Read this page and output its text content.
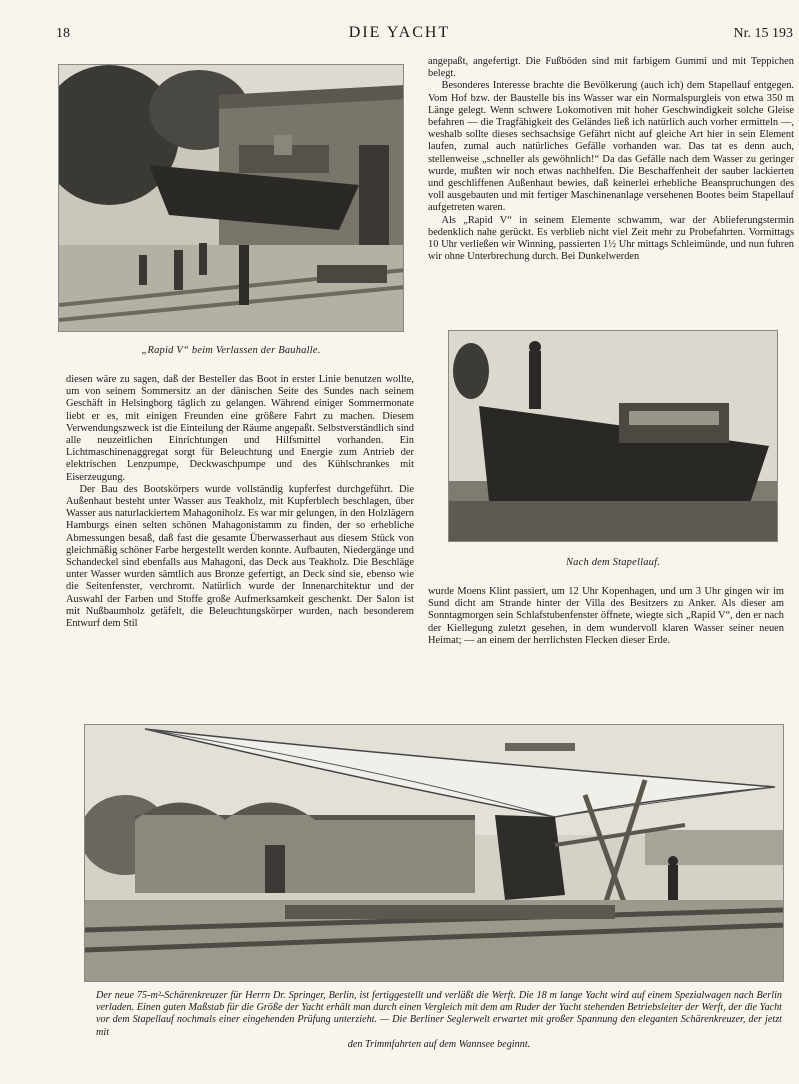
18	DIE YACHT	Nr. 15 193
„Rapid V“ beim Verlassen der Bauhalle.

angepaßt, angefertigt. Die Fußböden sind mit farbigem Gummi und mit Teppichen belegt.

Besonderes Interesse brachte die Bevölkerung (auch ich) dem Stapellauf entgegen. Vom Hof bzw. der Baustelle bis ins Wasser war ein Normalspurgleis von etwa 350 m Länge gelegt. Wenn schwere Lokomotiven mit hoher Geschwindigkeit solche Gleise befahren — die Tragfähigkeit des Geländes ließ ich natürlich auch vorher ermitteln —, weshalb sollte dieses sechsachsige Gefährt nicht auf gleiche Art hier in sein Element laufen, zumal auch natürliches Gefälle vorhanden war. Das tat es denn auch, stellenweise „schneller als gewöhnlich!“ Da das Gefälle nach dem Wasser zu geringer wurde, mußten wir noch etwas nachhelfen. Die Beschaffenheit der sauber lackierten und geschliffenen Außenhaut bewies, daß keinerlei erhebliche Beanspruchungen des voll ausgebauten und mit fertiger Maschinenanlage versehenen Bootes beim Stapellauf aufgetreten waren.

Als „Rapid V“ in seinem Elemente schwamm, war der Ablieferungstermin bedenklich nahe gerückt. Es verblieb nicht viel Zeit mehr zu Probefahrten. Vormittags 10 Uhr verließen wir Winning, passierten 1½ Uhr mittags Schleimünde, und nun fuhren wir ohne Unterbrechung durch. Bei Dunkelwerden

Nach dem Stapellauf.

diesen wäre zu sagen, daß der Besteller das Boot in erster Linie benutzen wollte, um von seinem Sommersitz an der dänischen Seite des Sundes nach seinem Geschäft in Helsingborg täglich zu gelangen. Während einiger Sommermonate liebt er es, mit einigen Freunden eine größere Fahrt zu machen. Diesem Verwendungszweck ist die Einteilung der Räume angepaßt. Selbstverständlich sind alle neuzeitlichen Einrichtungen und Hilfsmittel vorhanden. Ein Lichtmaschinenaggregat sorgt für Beleuchtung und Energie zum Antrieb der elektrischen Lenzpumpe, Deckwaschpumpe und des Kühlschrankes mit Eiserzeugung.

Der Bau des Bootskörpers wurde vollständig kupferfest durchgeführt. Die Außenhaut besteht unter Wasser aus Teakholz, mit Kupferblech beschlagen, über Wasser aus naturlackiertem Mahagoniholz. Es war mir gelungen, in den Holzlägern Hamburgs einen selten schönen Mahagonistamm zu finden, der so erhebliche Abmessungen besaß, daß fast die gesamte Überwasserhaut aus diesem Stück von gleichmäßig schöner Farbe hergestellt werden konnte. Aufbauten, Niedergänge und Schandeckel sind ebenfalls aus Mahagoni, das Deck aus Teakholz. Die Beschläge unter Wasser wurden sämtlich aus Bronze gefertigt, an Deck sind sie, ebenso wie die Seitenfenster, verchromt. Natürlich wurde der Innenarchitektur und der Auswahl der Farben und Stoffe große Aufmerksamkeit geschenkt. Der Salon ist mit Nußbaumholz getäfelt, die Beleuchtungskörper wurden, nach besonderem Entwurf dem Stil

wurde Moens Klint passiert, um 12 Uhr Kopenhagen, und um 3 Uhr gingen wir im Sund dicht am Strande hinter der Villa des Besitzers zu Anker. Als dieser am Sonntagmorgen sein Schlafstubenfenster öffnete, wiegte sich „Rapid V“, den er nach der Kiellegung zuletzt gesehen, in dem wundervoll klaren Wasser seiner neuen Heimat; — an einem der herrlichsten Flecken dieser Erde.

Der neue 75-m²-Schärenkreuzer für Herrn Dr. Springer, Berlin, ist fertiggestellt und verläßt die Werft. Die 18 m lange Yacht wird auf einem Spezialwagen nach Berlin verladen. Einen guten Maßstab für die Größe der Yacht erhält man durch einen Vergleich mit dem am Ruder der Yacht stehenden Betriebsleiter der Werft, der die Yacht vor dem Stapellauf nochmals einer eingehenden Prüfung unterzieht. — Die Berliner Seglerwelt erwartet mit großer Spannung den eleganten Schärenkreuzer, der jetzt mit
den Trimmfahrten auf dem Wannsee beginnt.
